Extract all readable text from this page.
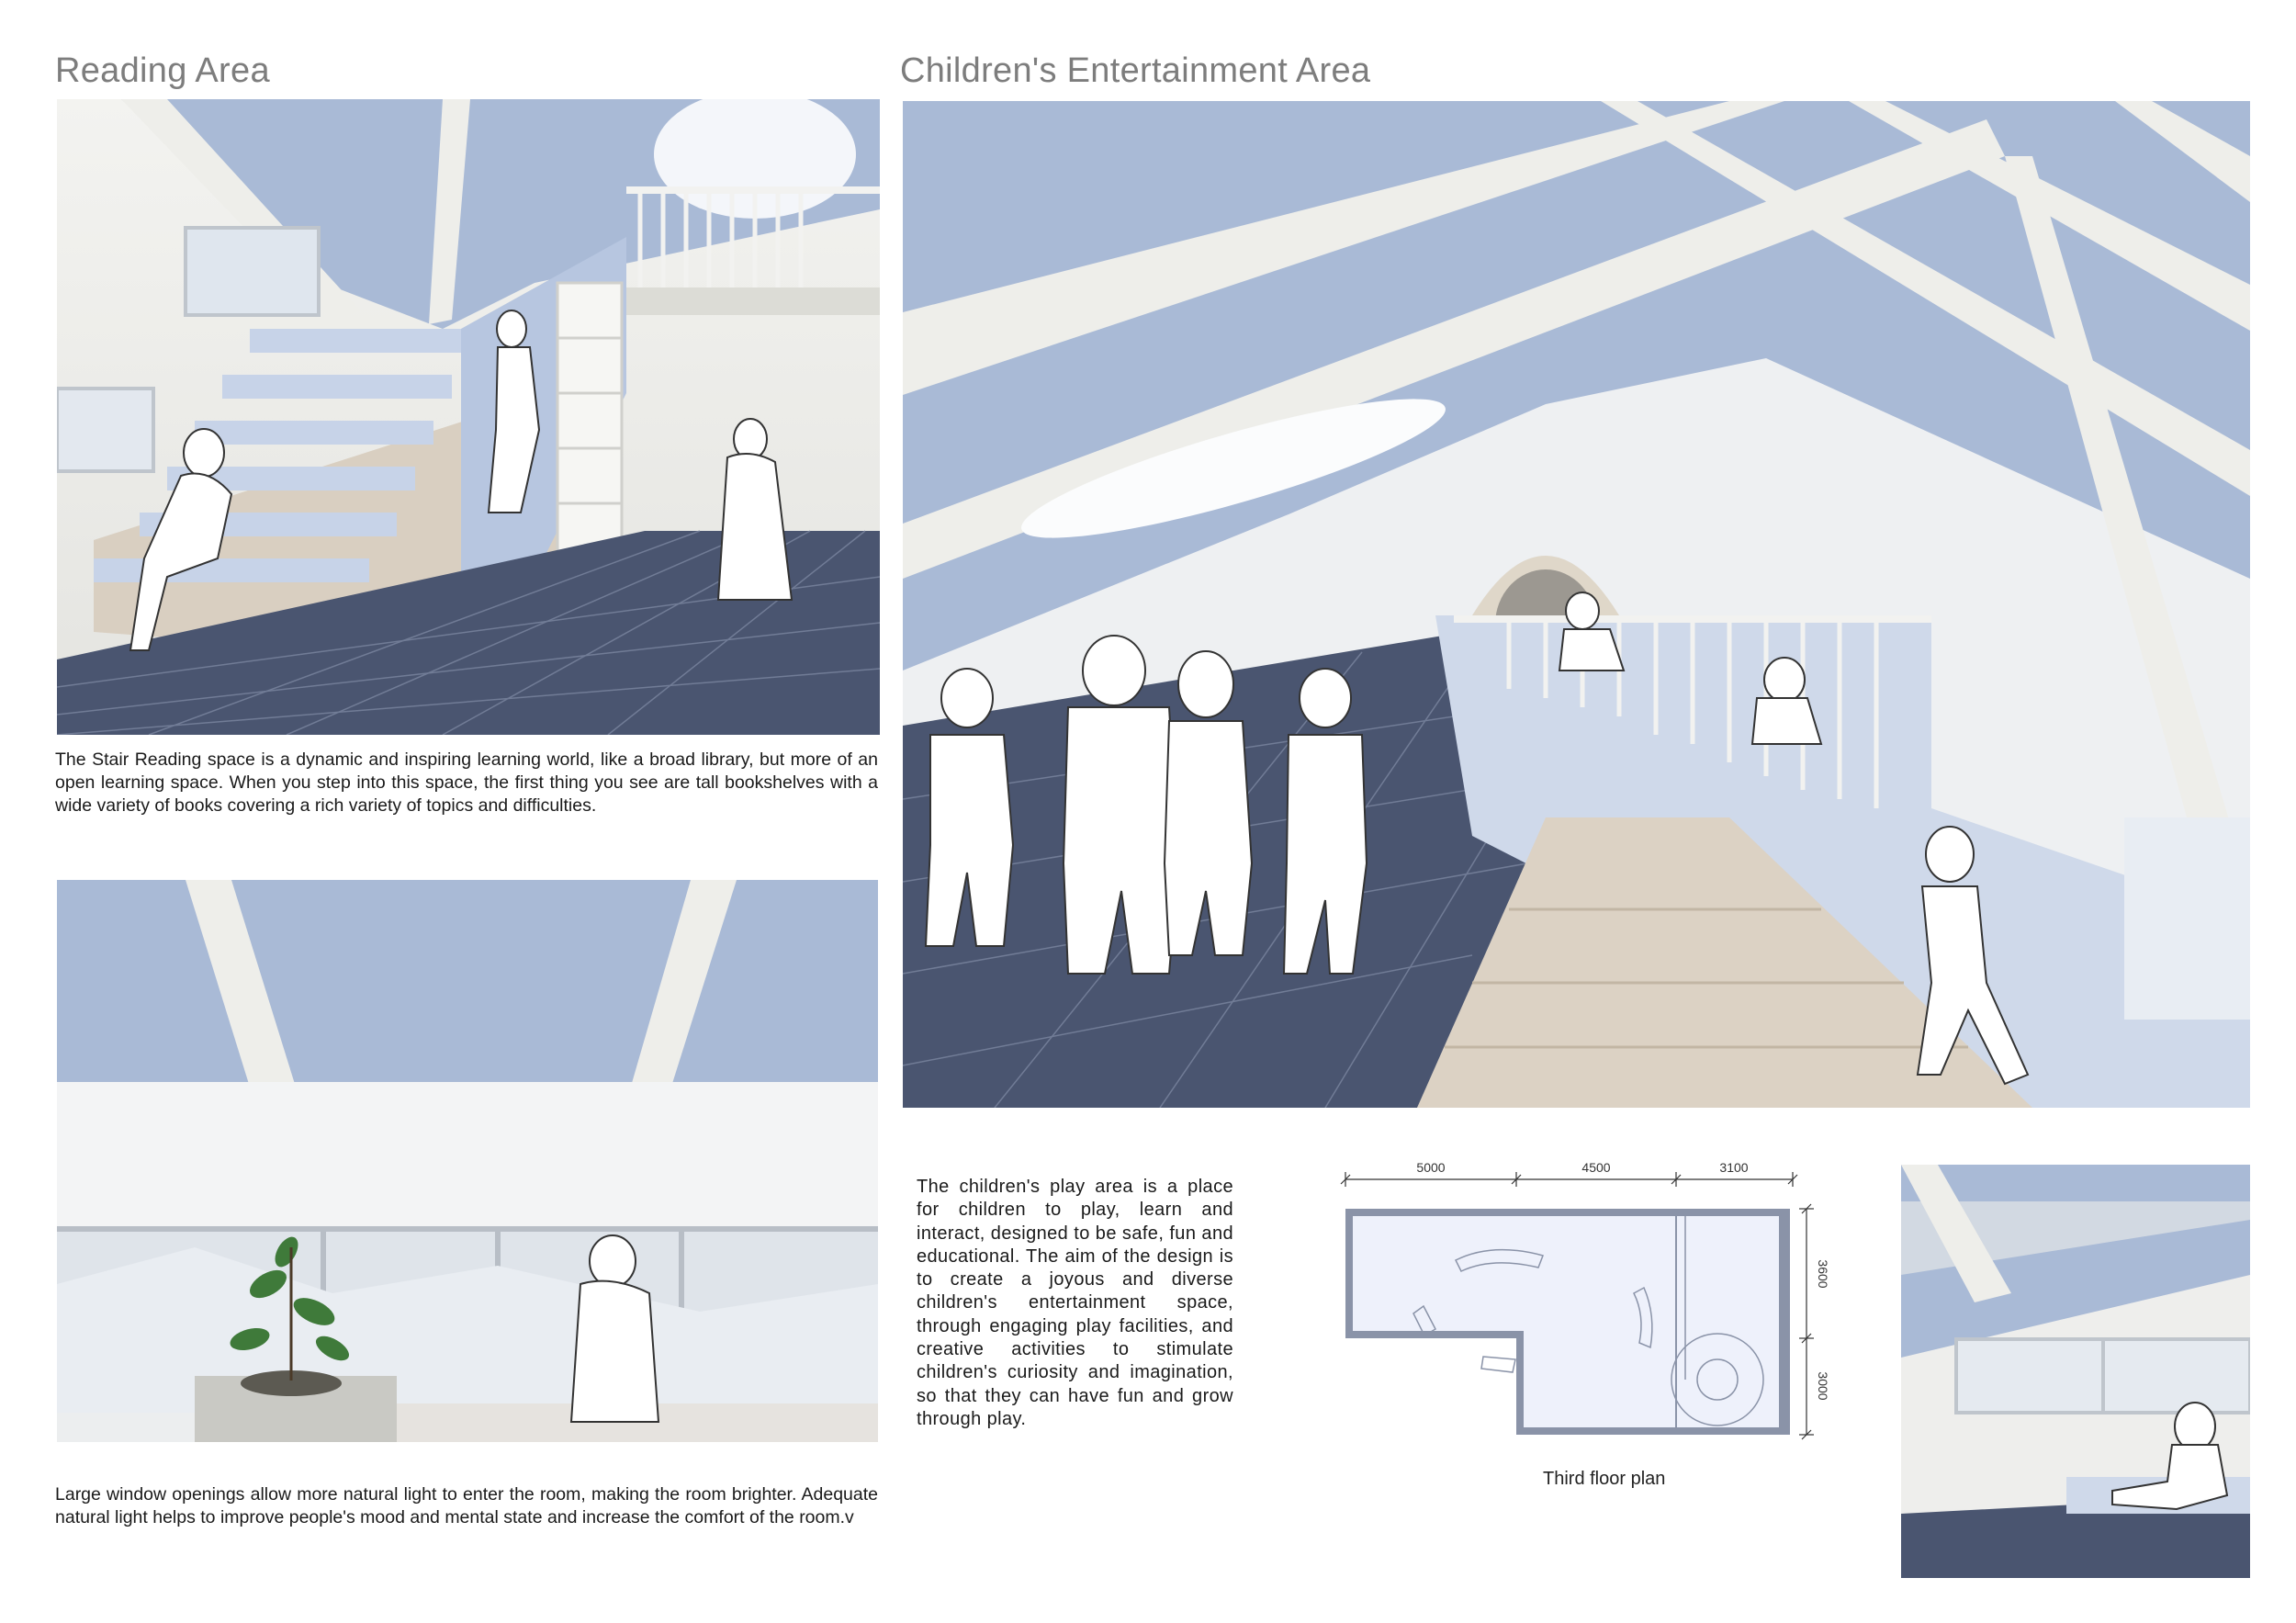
Reading Area	Children's Entertainment Area
The Stair Reading space is a dynamic and inspiring learning world, like a broad library, but more of an open learning space. When you step into this space, the first thing you see are tall bookshelves with a wide variety of books covering a rich variety of topics and difficulties.
Large window openings allow more natural light to enter the room, making the room brighter. Adequate natural light helps to improve people's mood and mental state and increase the comfort of the room.v
The children's play area is a place for children to play, learn and interact, designed to be safe, fun and educational. The aim of the design is to create a joyous and diverse children's entertainment space, through engaging play facilities, and creative activities to stimulate children's curiosity and imagination, so that they can have fun and grow through play.
5000	4500	3100
3600
3000
Third floor plan
